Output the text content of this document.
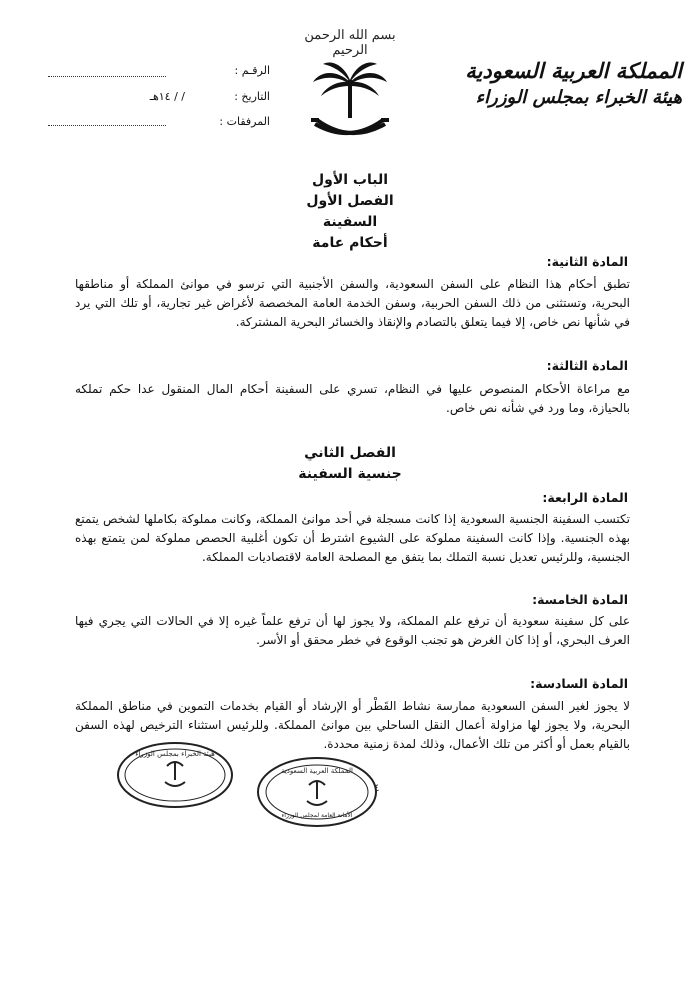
بسم الله الرحمن الرحيم
المملكة العربية السعودية
هيئة الخبراء بمجلس الوزراء
الرقـم :
التاريخ :
/ / ١٤هـ
المرفقات :
الباب الأول
الفصل الأول
السفينة
أحكام عامة
المادة الثانية:
تطبق أحكام هذا النظام على السفن السعودية، والسفن الأجنبية التي ترسو في موانئ المملكة أو مناطقها البحرية، وتستثنى من ذلك السفن الحربية، وسفن الخدمة العامة المخصصة لأغراض غير تجارية، أو تلك التي يرد في شأنها نص خاص، إلا فيما يتعلق بالتصادم والإنقاذ والخسائر البحرية المشتركة.
المادة الثالثة:
مع مراعاة الأحكام المنصوص عليها في النظام، تسري على السفينة أحكام المال المنقول عدا حكم تملكه بالحيازة، وما ورد في شأنه نص خاص.
الفصل الثاني
جنسية السفينة
المادة الرابعة:
تكتسب السفينة الجنسية السعودية إذا كانت مسجلة في أحد موانئ المملكة، وكانت مملوكة بكاملها لشخص يتمتع بهذه الجنسية. وإذا كانت السفينة مملوكة على الشيوع اشترط أن تكون أغلبية الحصص مملوكة لمن يتمتع بهذه الجنسية، وللرئيس تعديل نسبة التملك بما يتفق مع المصلحة العامة لاقتصاديات المملكة.
المادة الخامسة:
على كل سفينة سعودية أن ترفع علم المملكة، ولا يجوز لها أن ترفع علماً غيره إلا في الحالات التي يجري فيها العرف البحري، أو إذا كان الغرض هو تجنب الوقوع في خطر محقق أو الأسر.
المادة السادسة:
لا يجوز لغير السفن السعودية ممارسة نشاط القَطْر أو الإرشاد أو القيام بخدمات التموين في مناطق المملكة البحرية، ولا يجوز لها مزاولة أعمال النقل الساحلي بين موانئ المملكة. وللرئيس استثناء الترخيص لهذه السفن بالقيام بعمل أو أكثر من تلك الأعمال، وذلك لمدة زمنية محددة.
٤
هيئة الخبراء بمجلس الوزراء
المملكة العربية السعودية
الأمانة العامة لمجلس الوزراء
